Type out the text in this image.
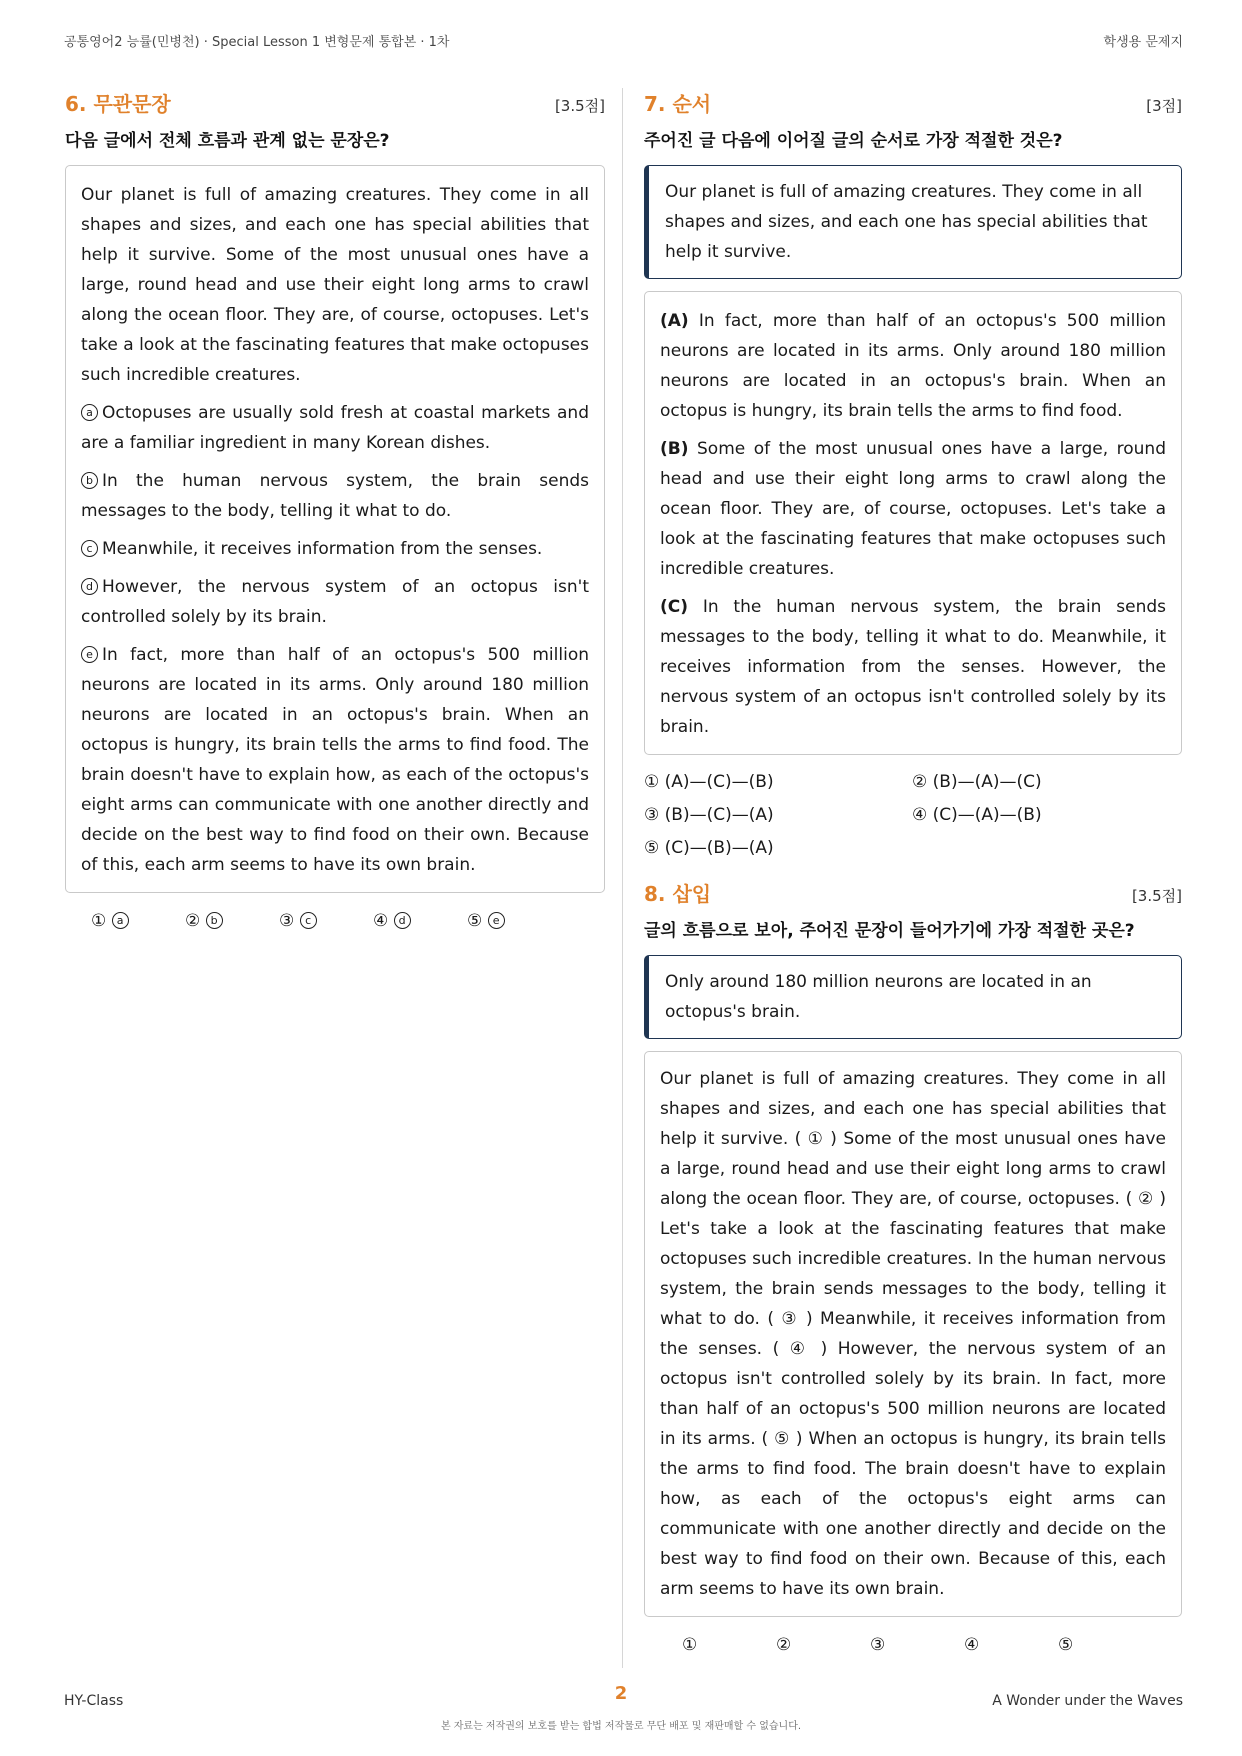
공통영어2 능률(민병천) · Special Lesson 1 변형문제 통합본 · 1차	학생용 문제지
6. 무관문장	[3.5점]
다음 글에서 전체 흐름과 관계 없는 문장은?

Our planet is full of amazing creatures. They come in all shapes and sizes, and each one has special abilities that help it survive. Some of the most unusual ones have a large, round head and use their eight long arms to crawl along the ocean floor. They are, of course, octopuses. Let's take a look at the fascinating features that make octopuses such incredible creatures.

a Octopuses are usually sold fresh at coastal markets and are a familiar ingredient in many Korean dishes.

b In the human nervous system, the brain sends messages to the body, telling it what to do.

c Meanwhile, it receives information from the senses.

d However, the nervous system of an octopus isn't controlled solely by its brain.

e In fact, more than half of an octopus's 500 million neurons are located in its arms. Only around 180 million neurons are located in an octopus's brain. When an octopus is hungry, its brain tells the arms to find food. The brain doesn't have to explain how, as each of the octopus's eight arms can communicate with one another directly and decide on the best way to find food on their own. Because of this, each arm seems to have its own brain.

① a	② b	③ c	④ d	⑤ e
7. 순서	[3점]
주어진 글 다음에 이어질 글의 순서로 가장 적절한 것은?
Our planet is full of amazing creatures. They come in all shapes and sizes, and each one has special abilities that help it survive.

(A) In fact, more than half of an octopus's 500 million neurons are located in its arms. Only around 180 million neurons are located in an octopus's brain. When an octopus is hungry, its brain tells the arms to find food.

(B) Some of the most unusual ones have a large, round head and use their eight long arms to crawl along the ocean floor. They are, of course, octopuses. Let's take a look at the fascinating features that make octopuses such incredible creatures.

(C) In the human nervous system, the brain sends messages to the body, telling it what to do. Meanwhile, it receives information from the senses. However, the nervous system of an octopus isn't controlled solely by its brain.

① (A)—(C)—(B)	② (B)—(A)—(C)
③ (B)—(C)—(A)	④ (C)—(A)—(B)
⑤ (C)—(B)—(A)
8. 삽입	[3.5점]
글의 흐름으로 보아, 주어진 문장이 들어가기에 가장 적절한 곳은?
Only around 180 million neurons are located in an octopus's brain.
Our planet is full of amazing creatures. They come in all shapes and sizes, and each one has special abilities that help it survive. ( ① ) Some of the most unusual ones have a large, round head and use their eight long arms to crawl along the ocean floor. They are, of course, octopuses. ( ② ) Let's take a look at the fascinating features that make octopuses such incredible creatures. In the human nervous system, the brain sends messages to the body, telling it what to do. ( ③ ) Meanwhile, it receives information from the senses. ( ④ ) However, the nervous system of an octopus isn't controlled solely by its brain. In fact, more than half of an octopus's 500 million neurons are located in its arms. ( ⑤ ) When an octopus is hungry, its brain tells the arms to find food. The brain doesn't have to explain how, as each of the octopus's eight arms can communicate with one another directly and decide on the best way to find food on their own. Because of this, each arm seems to have its own brain.
①	②	③	④	⑤
HY-Class	2	A Wonder under the Waves
본 자료는 저작권의 보호를 받는 합법 저작물로 무단 배포 및 재판매할 수 없습니다.
